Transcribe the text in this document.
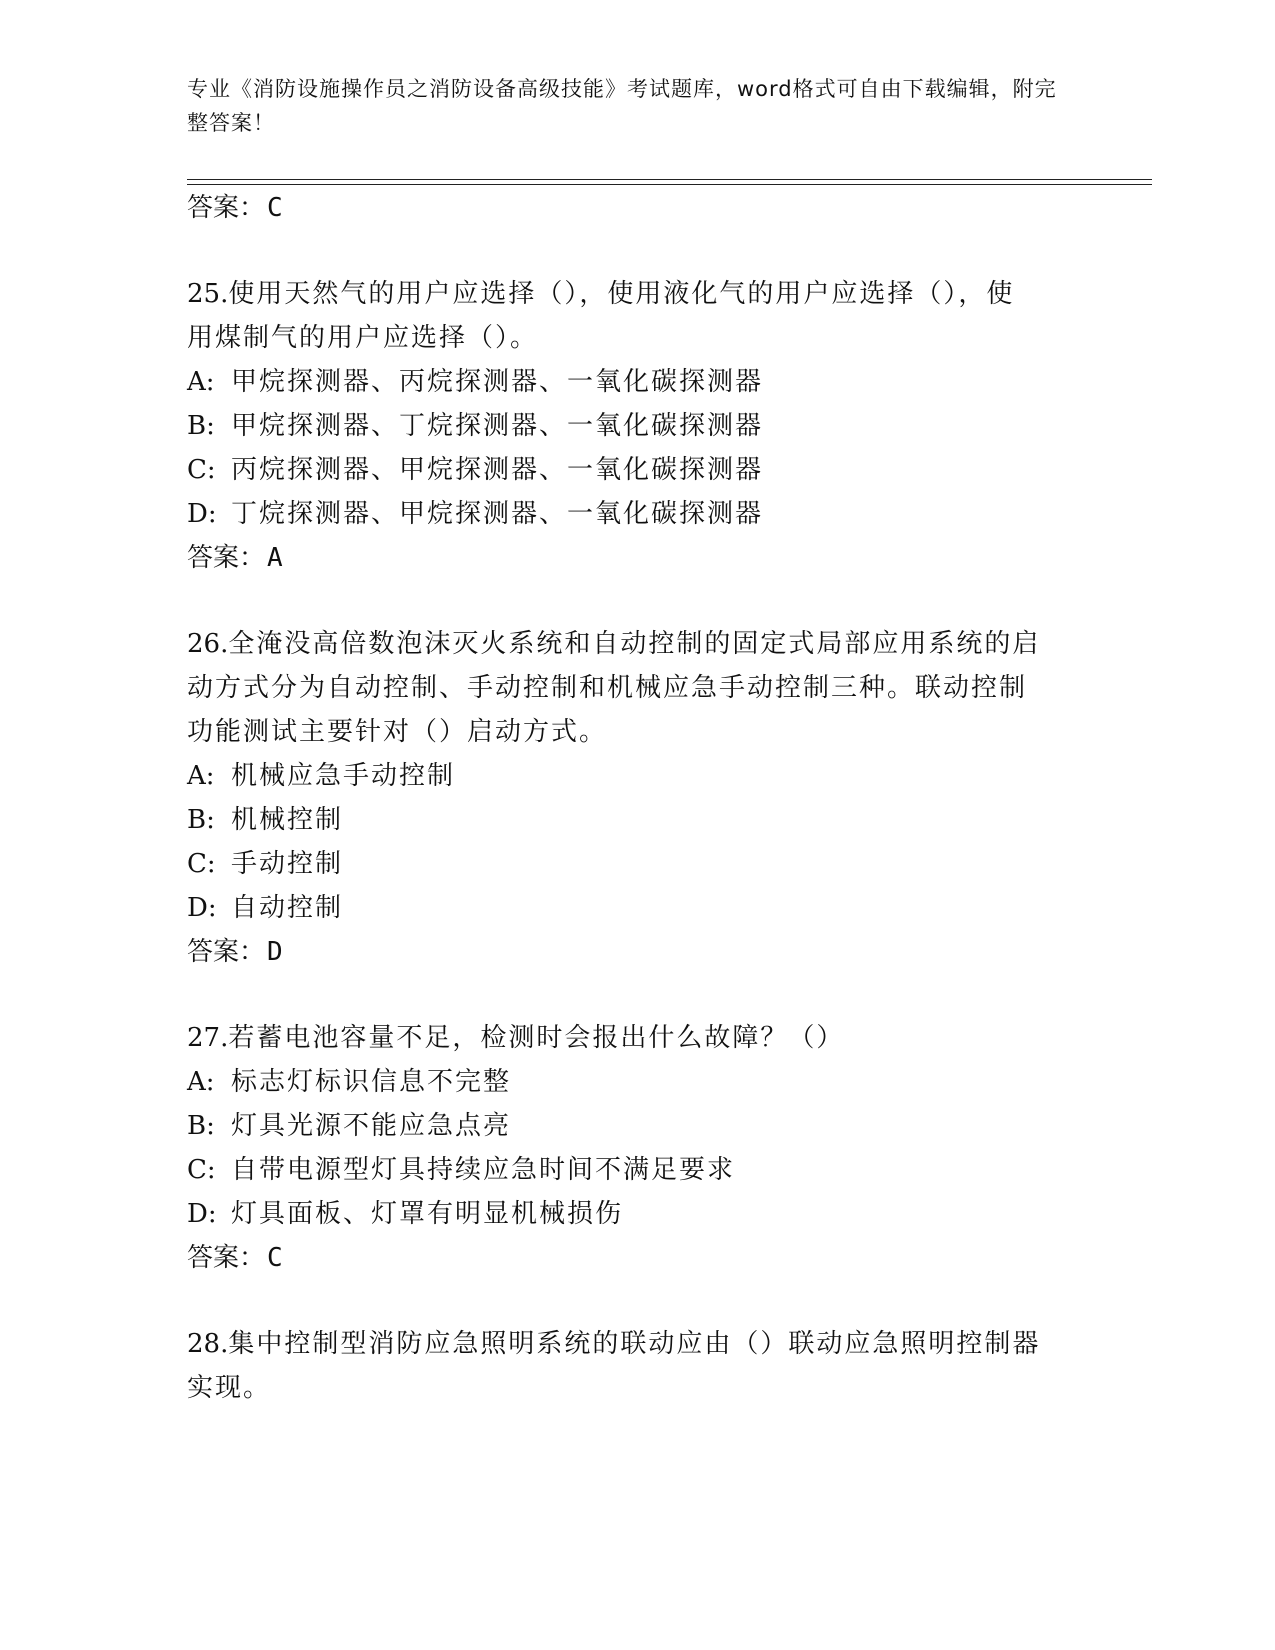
专业《消防设施操作员之消防设备高级技能》考试题库，word格式可自由下载编辑，附完整答案！
答案：C
25.使用天然气的用户应选择（），使用液化气的用户应选择（），使
用煤制气的用户应选择（）。
A: 甲烷探测器、丙烷探测器、一氧化碳探测器
B: 甲烷探测器、丁烷探测器、一氧化碳探测器
C: 丙烷探测器、甲烷探测器、一氧化碳探测器
D: 丁烷探测器、甲烷探测器、一氧化碳探测器
答案：A
26.全淹没高倍数泡沫灭火系统和自动控制的固定式局部应用系统的启
动方式分为自动控制、手动控制和机械应急手动控制三种。联动控制
功能测试主要针对（）启动方式。
A: 机械应急手动控制
B: 机械控制
C: 手动控制
D: 自动控制
答案：D
27.若蓄电池容量不足，检测时会报出什么故障？（）
A: 标志灯标识信息不完整
B: 灯具光源不能应急点亮
C: 自带电源型灯具持续应急时间不满足要求
D: 灯具面板、灯罩有明显机械损伤
答案：C
28.集中控制型消防应急照明系统的联动应由（）联动应急照明控制器
实现。
